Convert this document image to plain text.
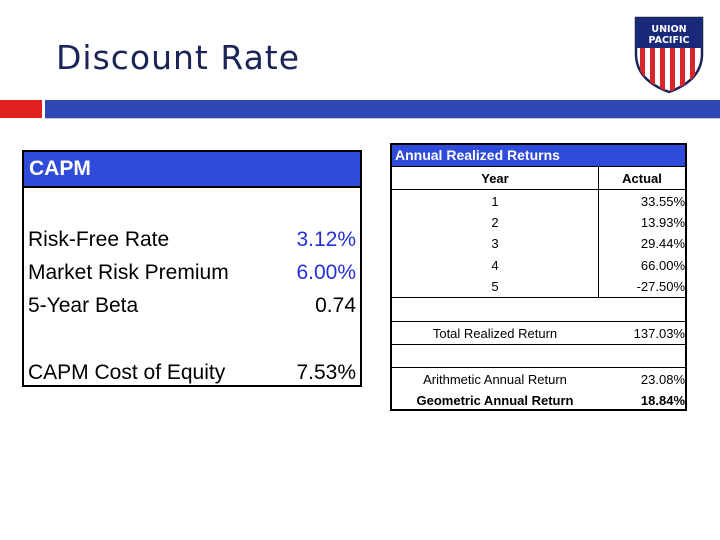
Discount Rate
UNION
PACIFIC
CAPM
Risk-Free Rate	3.12%
Market Risk Premium	6.00%
5-Year Beta	0.74
CAPM Cost of Equity	7.53%
Annual Realized Returns
Year	Actual
1	33.55%
2	13.93%
3	29.44%
4	66.00%
5	-27.50%
Total Realized Return	137.03%
Arithmetic Annual Return	23.08%
Geometric Annual Return	18.84%
